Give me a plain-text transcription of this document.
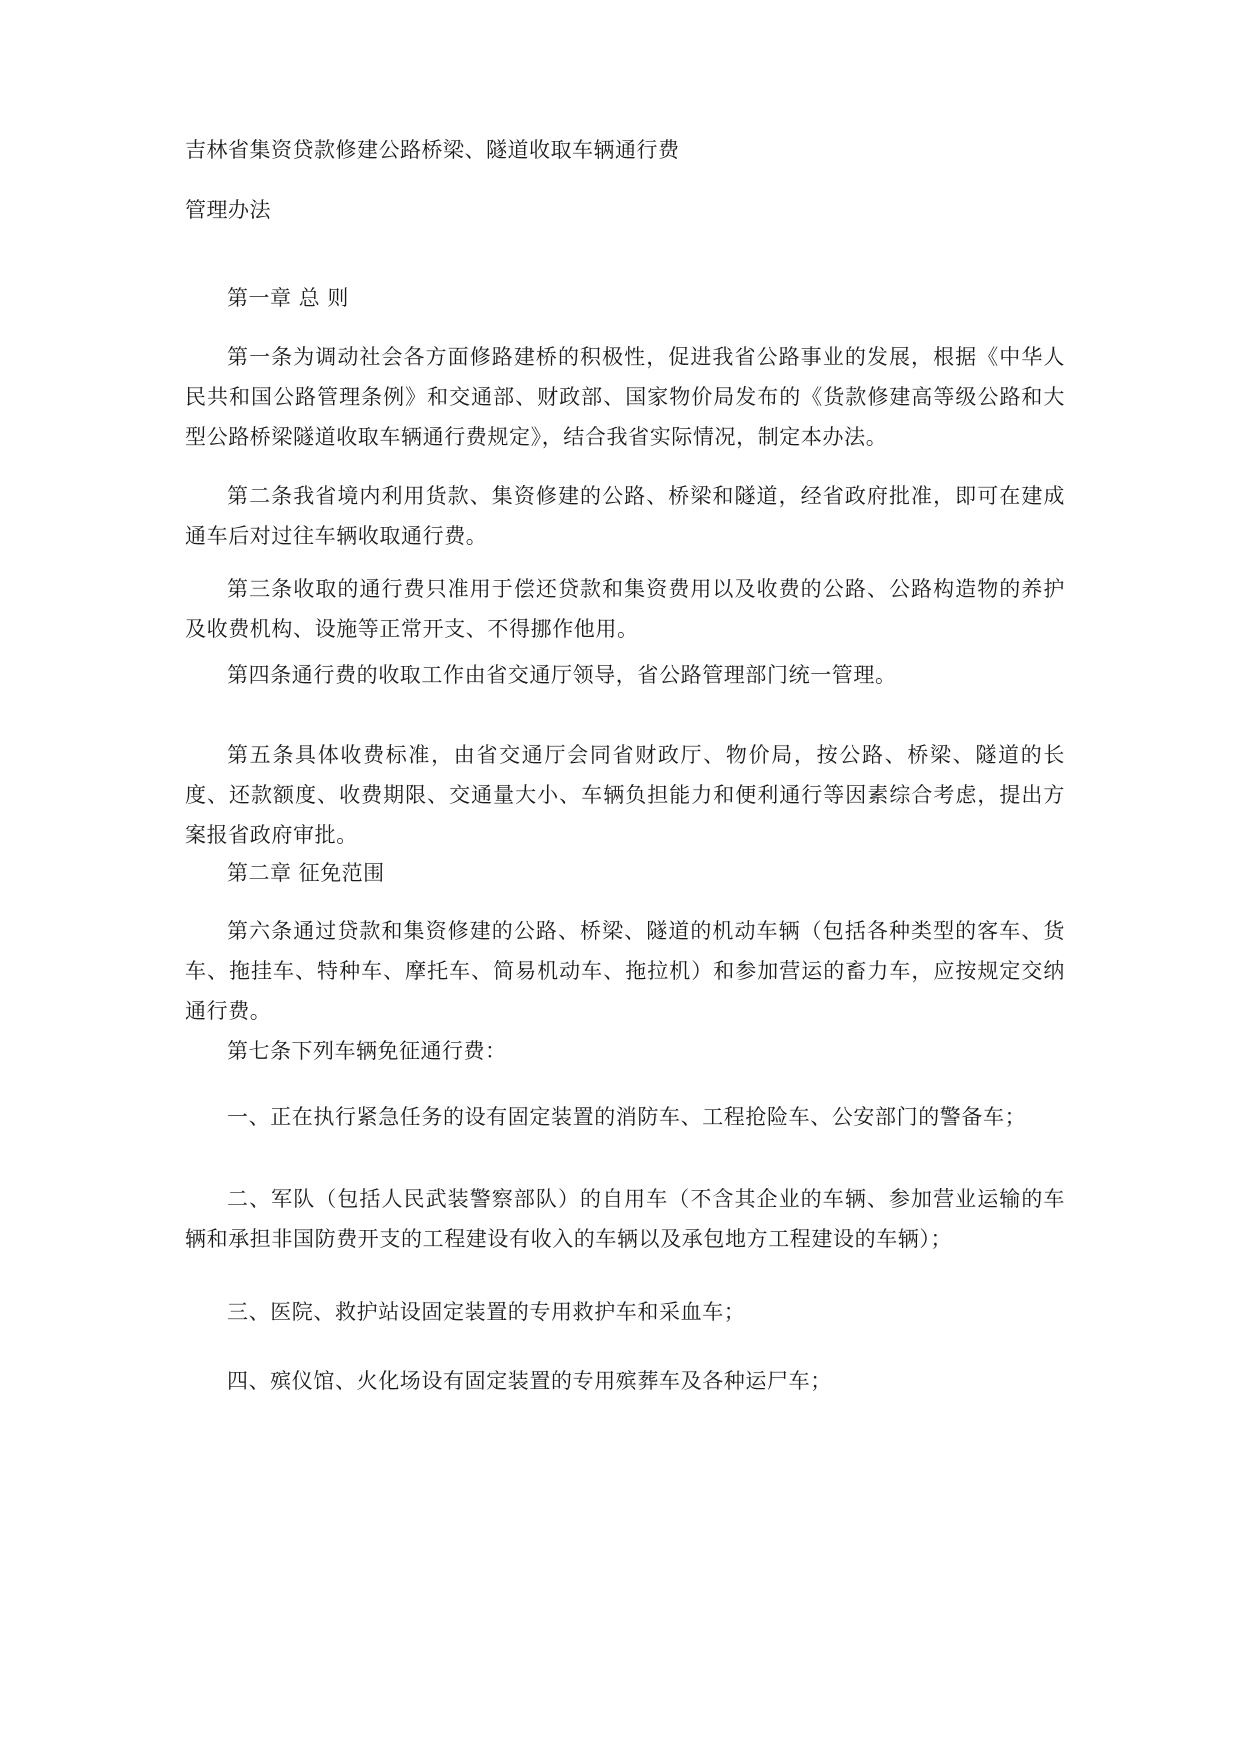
吉林省集资贷款修建公路桥梁、隧道收取车辆通行费
管理办法
第一章 总 则
第一条为调动社会各方面修路建桥的积极性，促进我省公路事业的发展，根据《中华人民共和国公路管理条例》和交通部、财政部、国家物价局发布的《货款修建高等级公路和大型公路桥梁隧道收取车辆通行费规定》，结合我省实际情况，制定本办法。
第二条我省境内利用货款、集资修建的公路、桥梁和隧道，经省政府批准，即可在建成通车后对过往车辆收取通行费。
第三条收取的通行费只准用于偿还贷款和集资费用以及收费的公路、公路构造物的养护及收费机构、设施等正常开支、不得挪作他用。
第四条通行费的收取工作由省交通厅领导，省公路管理部门统一管理。
第五条具体收费标准，由省交通厅会同省财政厅、物价局，按公路、桥梁、隧道的长度、还款额度、收费期限、交通量大小、车辆负担能力和便利通行等因素综合考虑，提出方案报省政府审批。
第二章 征免范围
第六条通过贷款和集资修建的公路、桥梁、隧道的机动车辆（包括各种类型的客车、货车、拖挂车、特种车、摩托车、简易机动车、拖拉机）和参加营运的畜力车，应按规定交纳通行费。
第七条下列车辆免征通行费：
一、正在执行紧急任务的设有固定装置的消防车、工程抢险车、公安部门的警备车；
二、军队（包括人民武装警察部队）的自用车（不含其企业的车辆、参加营业运输的车辆和承担非国防费开支的工程建设有收入的车辆以及承包地方工程建设的车辆）；
三、医院、救护站设固定装置的专用救护车和采血车；
四、殡仪馆、火化场设有固定装置的专用殡葬车及各种运尸车；
